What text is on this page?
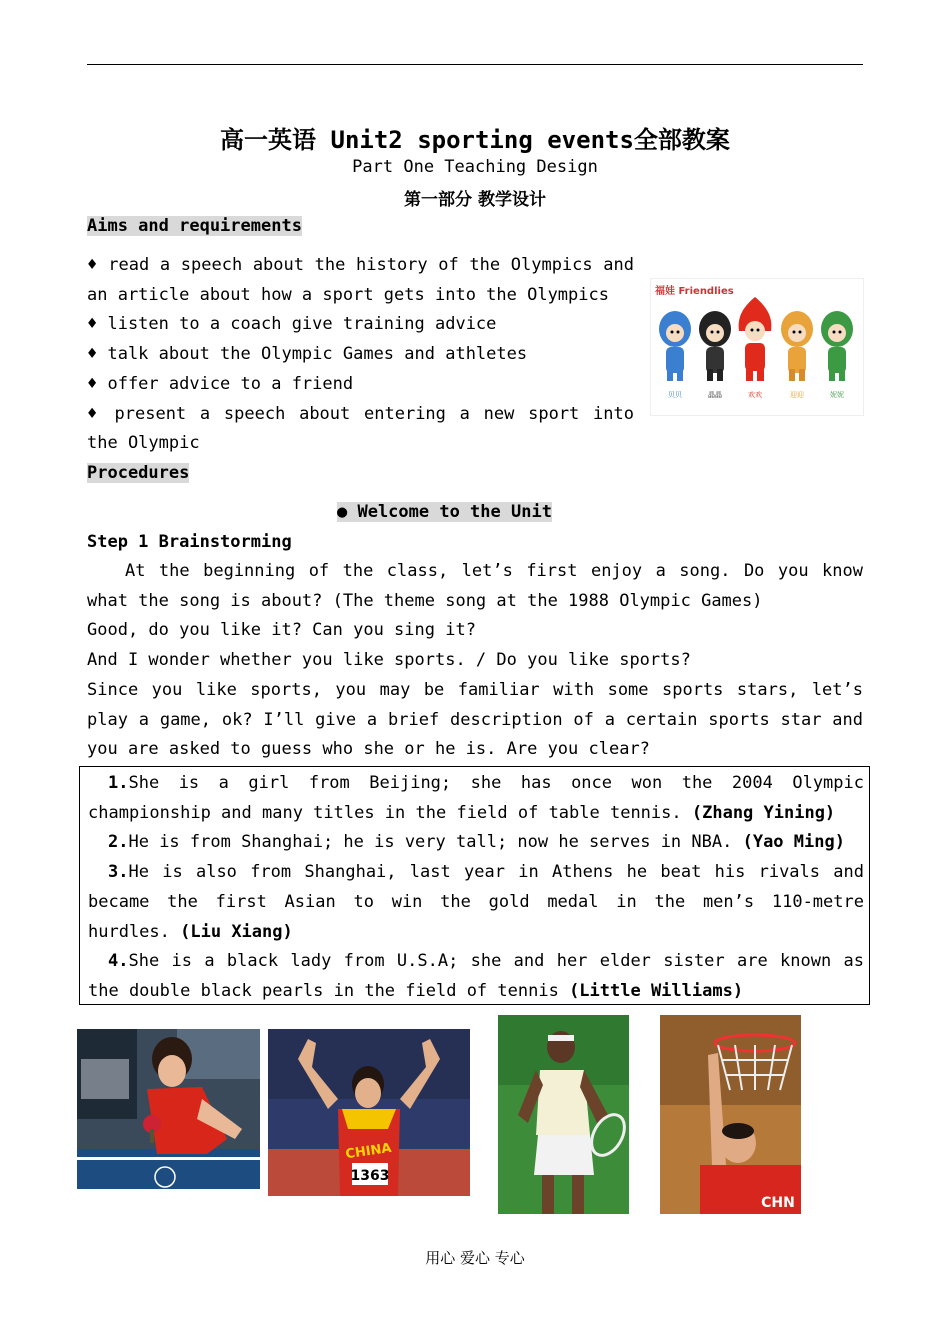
高一英语 Unit2 sporting events全部教案
Part One Teaching Design
第一部分 教学设计
Aims and requirements

♦ read a speech about the history of the Olympics and an article about how a sport gets into the Olympics

♦ listen to a coach give training advice

♦ talk about the Olympic Games and athletes

♦ offer advice to a friend

♦ present a speech about entering a new sport into the Olympic

福娃 Friendlies
贝贝	晶晶	欢欢	迎迎	妮妮
Procedures
● Welcome to the Unit
Step 1 Brainstorming

At the beginning of the class, let’s first enjoy a song. Do you know what the song is about? (The theme song at the 1988 Olympic Games)

Good, do you like it? Can you sing it?

And I wonder whether you like sports. / Do you like sports?

Since you like sports, you may be familiar with some sports stars, let’s play a game, ok? I’ll give a brief description of a certain sports star and you are asked to guess who she or he is. Are you clear?

1.She is a girl from Beijing; she has once won the 2004 Olympic championship and many titles in the field of table tennis. (Zhang Yining)

2.He is from Shanghai; he is very tall; now he serves in NBA. (Yao Ming)

3.He is also from Shanghai, last year in Athens he beat his rivals and became the first Asian to win the gold medal in the men’s 110-metre hurdles. (Liu Xiang)

4.She is a black lady from U.S.A; she and her elder sister are known as the double black pearls in the field of tennis (Little Williams)

CHINA
1363
CHN
用心 爱心 专心
